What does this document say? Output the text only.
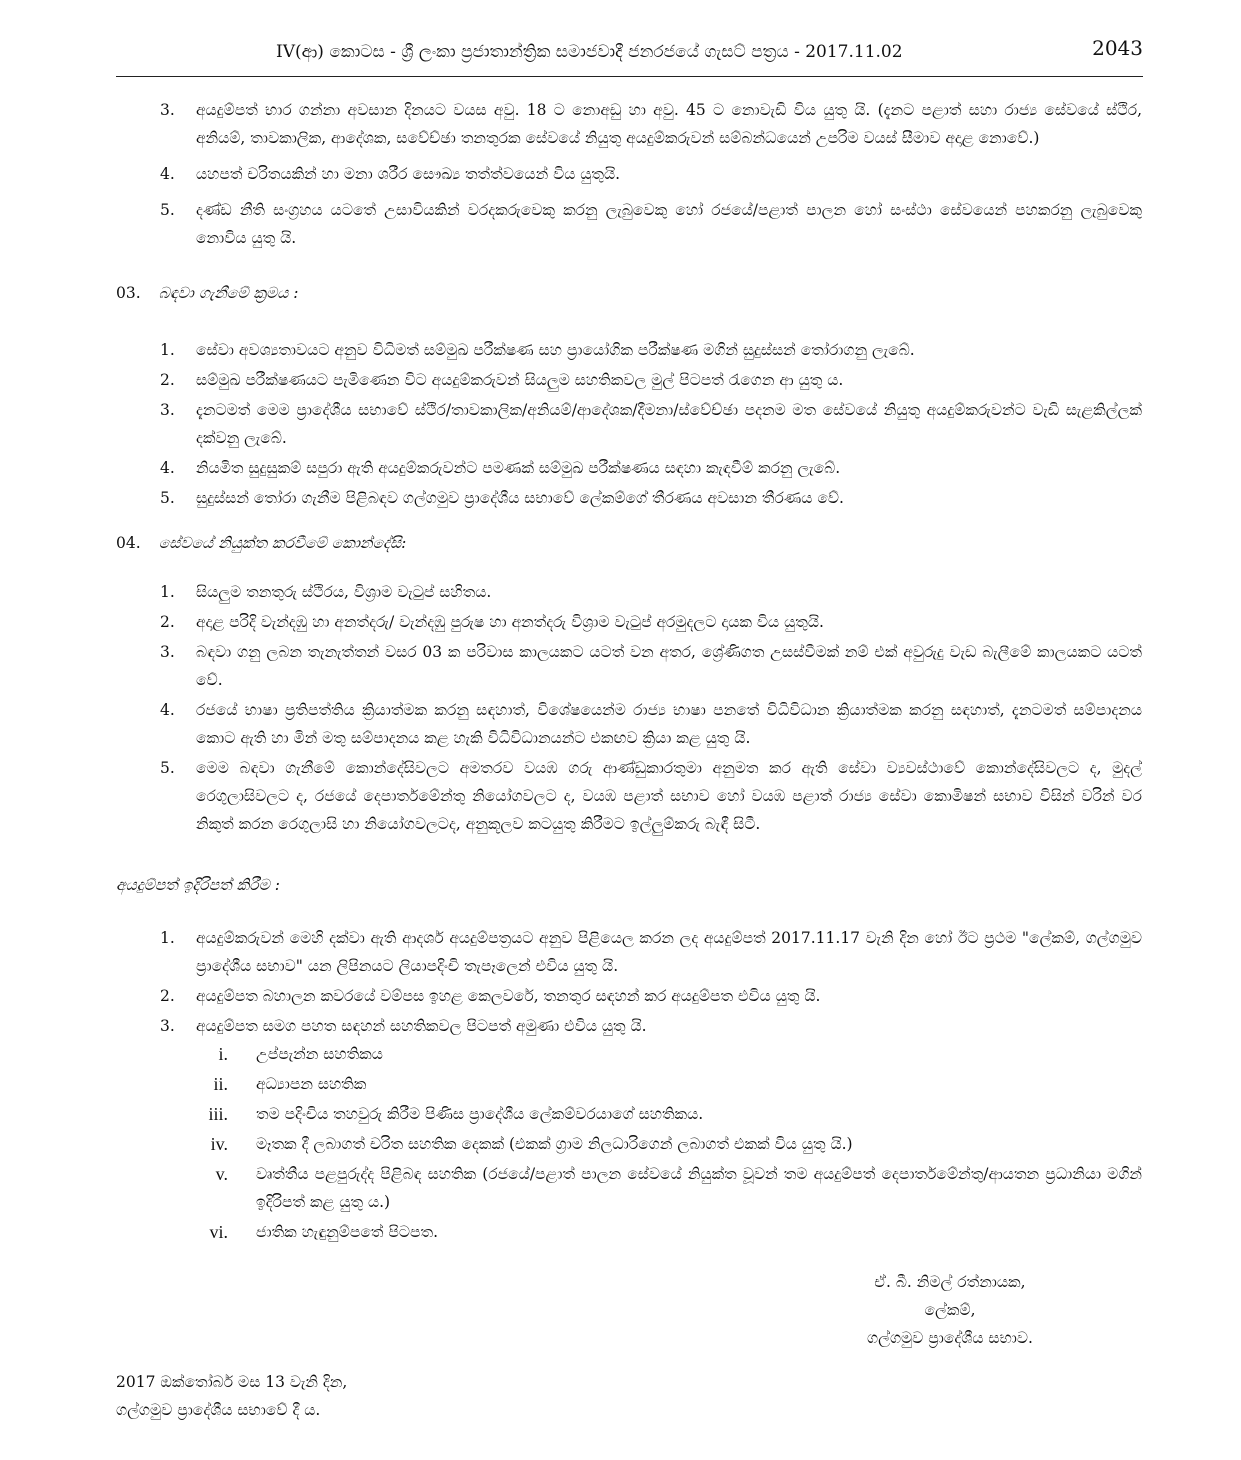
IV(ආ) කොටස - ශ්‍රී ලංකා ප්‍රජාතාන්ත්‍රික සමාජවාදී ජනරජයේ ගැසට් පත්‍රය - 2017.11.02	2043
3. අයදුම්පත් භාර ගන්නා අවසාන දිනයට වයස අවු. 18 ට නොඅඩු හා අවු. 45 ට නොවැඩි විය යුතු යි. (දැනට පළාත් සහා රාජ්‍ය සේවයේ ස්ථිර, අනියම්, තාවකාලික, ආදේශක, සවේච්ඡා තනතුරක සේවයේ නියුතු අයදුම්කරුවන් සම්බන්ධයෙන් උපරිම වයස් සීමාව අදාළ නොවේ.)
4. යහපත් චරිතයකින් හා මනා ශරීර සෞඛ්‍ය තත්ත්වයෙන් විය යුතුයි.
5. දණ්ඩ නීති සංග්‍රහය යටතේ උසාවියකින් වරදකරුවෙකු කරනු ලැබුවෙකු හෝ රජයේ/පළාත් පාලන හෝ සංස්ථා සේවයෙන් පහකරනු ලැබුවෙකු නොවිය යුතු යි.
03. බඳවා ගැනීමේ ක්‍රමය :
1. සේවා අවශ්‍යතාවයට අනුව විධිමත් සම්මුඛ පරීක්ෂණ සහ ප්‍රායෝගික පරීක්ෂණ මගින් සුදුස්සන් තෝරාගනු ලැබේ.
2. සම්මුඛ පරීක්ෂණයට පැමිණෙන විට අයදුම්කරුවන් සියලුම සහතිකවල මුල් පිටපත් රැගෙන ආ යුතු ය.
3. දැනටමත් මෙම ප්‍රාදේශීය සභාවේ ස්ථිර/තාවකාලික/අනියම්/ආදේශක/දීමනා/ස්වේච්ඡා පදනම මත සේවයේ නියුතු අයදුම්කරුවන්ට වැඩි සැළකිල්ලක් දක්වනු ලැබේ.
4. නියමිත සුදුසුකම් සපුරා ඇති අයදුම්කරුවන්ට පමණක් සම්මුඛ පරීක්ෂණය සඳහා කැඳවීම් කරනු ලැබේ.
5. සුදුස්සන් තෝරා ගැනීම පිළිබඳව ගල්ගමුව ප්‍රාදේශීය සභාවේ ලේකම්ගේ තීරණය අවසාන තීරණය වේ.
04. සේවයේ නියුක්ත කරවීමේ කොන්දේසි:
1. සියලුම තනතුරු ස්ථිරය, විශ්‍රාම වැටුප් සහිතය.
2. අදාළ පරිදි වැන්දඹු හා අනත්දරු/ වැන්දඹු පුරුෂ හා අනත්දරු විශ්‍රාම වැටුප් අරමුදලට දායක විය යුතුයි.
3. බඳවා ගනු ලබන තැනැත්තන් වසර 03 ක පරිවාස කාලයකට යටත් වන අතර, ශ්‍රේණිගත උසස්වීමක් නම් එක් අවුරුදු වැඩ බැලීමේ කාලයකට යටත් වේ.
4. රජයේ භාෂා ප්‍රතිපත්තිය ක්‍රියාත්මක කරනු සඳහාත්, විශේෂයෙන්ම රාජ්‍ය භාෂා පනතේ විධිවිධාන ක්‍රියාත්මක කරනු සඳහාත්, දැනටමත් සම්පාදනය කොට ඇති හා මින් මතු සම්පාදනය කළ හැකි විධිවිධානයන්ට එකඟව ක්‍රියා කළ යුතු යි.
5. මෙම බඳවා ගැනීමේ කොන්දේසිවලට අමතරව වයඹ ගරු ආණ්ඩුකාරතුමා අනුමත කර ඇති සේවා ව්‍යවස්ථාවේ කොන්දේසිවලට ද, මුදල් රෙගුලාසිවලට ද, රජයේ දෙපාර්තමේන්තු නියෝගවලට ද, වයඹ පළාත් සභාව හෝ වයඹ පළාත් රාජ්‍ය සේවා කොමිෂන් සභාව විසින් වරින් වර නිකුත් කරන රෙගුලාසි හා නියෝගවලටද, අනුකූලව කටයුතු කිරීමට ඉල්ලුම්කරු බැඳී සිටී.
අයදුම්පත් ඉදිරිපත් කිරීම :
1. අයදුම්කරුවන් මෙහි දක්වා ඇති ආදර්ශ අයදුම්පත්‍රයට අනුව පිළියෙල කරන ලද අයදුම්පත් 2017.11.17 වැනි දින හෝ ඊට ප්‍රථම "ලේකම්, ගල්ගමුව ප්‍රාදේශීය සභාව" යන ලිපිනයට ලියාපදිංචි තැපෑලෙන් එවිය යුතු යි.
2. අයදුම්පත බහාලන කවරයේ වම්පස ඉහළ කෙලවරේ, තනතුර සඳහන් කර අයදුම්පත එවිය යුතු යි.
3. අයදුම්පත සමග පහත සඳහන් සහතිකවල පිටපත් අමුණා එවිය යුතු යි.
i. උප්පැන්න සහතිකය
ii. අධ්‍යාපන සහතික
iii. තම පදිංචිය තහවුරු කිරීම පිණිස ප්‍රාදේශීය ලේකම්වරයාගේ සහතිකය.
iv. මෑතක දී ලබාගත් චරිත සහතික දෙකක් (එකක් ග්‍රාම නිලධාරිගෙන් ලබාගත් එකක් විය යුතු යි.)
v. වෘත්තීය පළපුරුද්ද පිළිබඳ සහතික (රජයේ/පළාත් පාලන සේවයේ නියුක්ත වූවන් තම අයදුම්පත් දෙපාර්තමේන්තු/ආයතන ප්‍රධානියා මගින් ඉදිරිපත් කළ යුතු ය.)
vi. ජාතික හැඳුනුම්පතේ පිටපත.
ඒ. බී. නිමල් රත්නායක,
ලේකම්,
ගල්ගමුව ප්‍රාදේශීය සභාව.
2017 ඔක්තෝබර් මස 13 වැනි දින,
ගල්ගමුව ප්‍රාදේශීය සභාවේ දී ය.
